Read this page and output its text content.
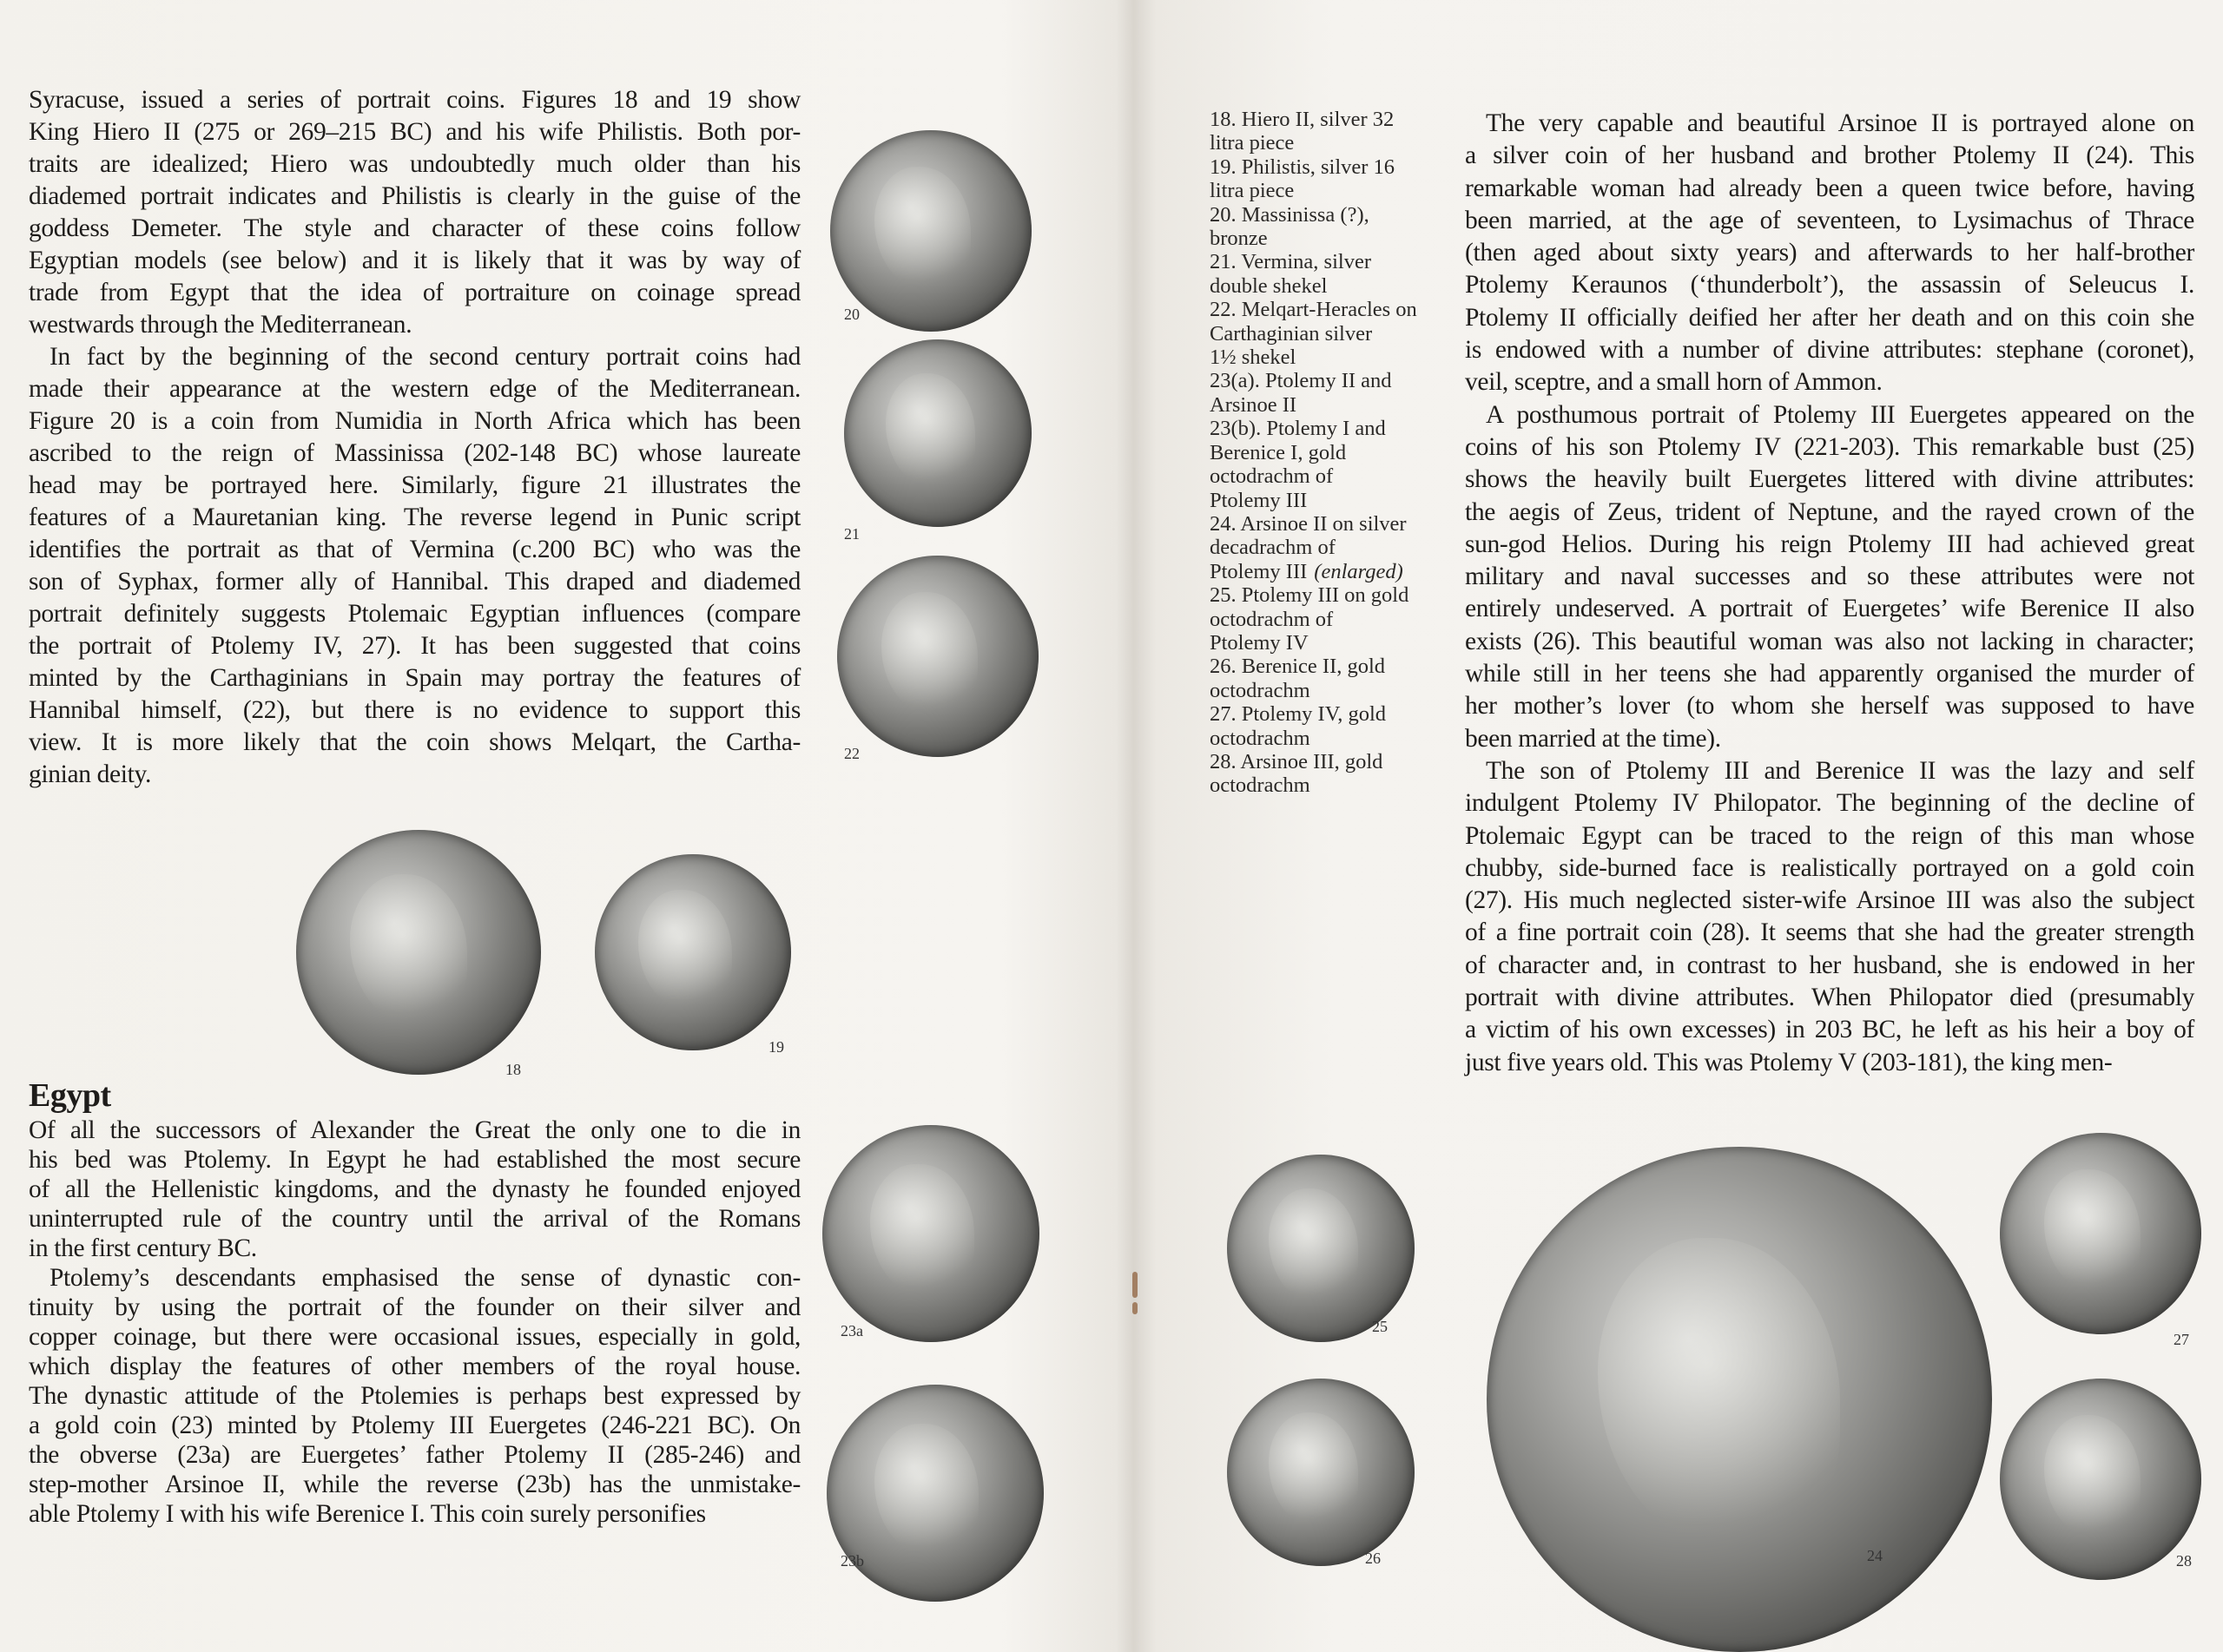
Syracuse, issued a series of portrait coins. Figures 18 and 19 show
King Hiero II (275 or 269–215 BC) and his wife Philistis. Both por-
traits are idealized; Hiero was undoubtedly much older than his
diademed portrait indicates and Philistis is clearly in the guise of the
goddess Demeter. The style and character of these coins follow
Egyptian models (see below) and it is likely that it was by way of
trade from Egypt that the idea of portraiture on coinage spread
westwards through the Mediterranean.
In fact by the beginning of the second century portrait coins had
made their appearance at the western edge of the Mediterranean.
Figure 20 is a coin from Numidia in North Africa which has been
ascribed to the reign of Massinissa (202-148 BC) whose laureate
head may be portrayed here. Similarly, figure 21 illustrates the
features of a Mauretanian king. The reverse legend in Punic script
identifies the portrait as that of Vermina (c.200 BC) who was the
son of Syphax, former ally of Hannibal. This draped and diademed
portrait definitely suggests Ptolemaic Egyptian influences (compare
the portrait of Ptolemy IV, 27). It has been suggested that coins
minted by the Carthaginians in Spain may portray the features of
Hannibal himself, (22), but there is no evidence to support this
view. It is more likely that the coin shows Melqart, the Cartha-
ginian deity.
Egypt
Of all the successors of Alexander the Great the only one to die in
his bed was Ptolemy. In Egypt he had established the most secure
of all the Hellenistic kingdoms, and the dynasty he founded enjoyed
uninterrupted rule of the country until the arrival of the Romans
in the first century BC.
Ptolemy’s descendants emphasised the sense of dynastic con-
tinuity by using the portrait of the founder on their silver and
copper coinage, but there were occasional issues, especially in gold,
which display the features of other members of the royal house.
The dynastic attitude of the Ptolemies is perhaps best expressed by
a gold coin (23) minted by Ptolemy III Euergetes (246-221 BC). On
the obverse (23a) are Euergetes’ father Ptolemy II (285-246) and
step-mother Arsinoe II, while the reverse (23b) has the unmistake-
able Ptolemy I with his wife Berenice I. This coin surely personifies
18. Hiero II, silver 32
litra piece
19. Philistis, silver 16
litra piece
20. Massinissa (?),
bronze
21. Vermina, silver
double shekel
22. Melqart-Heracles on
Carthaginian silver
1½ shekel
23(a). Ptolemy II and
Arsinoe II
23(b). Ptolemy I and
Berenice I, gold
octodrachm of
Ptolemy III
24. Arsinoe II on silver
decadrachm of
Ptolemy III (enlarged)
25. Ptolemy III on gold
octodrachm of
Ptolemy IV
26. Berenice II, gold
octodrachm
27. Ptolemy IV, gold
octodrachm
28. Arsinoe III, gold
octodrachm
The very capable and beautiful Arsinoe II is portrayed alone on
a silver coin of her husband and brother Ptolemy II (24). This
remarkable woman had already been a queen twice before, having
been married, at the age of seventeen, to Lysimachus of Thrace
(then aged about sixty years) and afterwards to her half-brother
Ptolemy Keraunos (‘thunderbolt’), the assassin of Seleucus I.
Ptolemy II officially deified her after her death and on this coin she
is endowed with a number of divine attributes: stephane (coronet),
veil, sceptre, and a small horn of Ammon.
A posthumous portrait of Ptolemy III Euergetes appeared on the
coins of his son Ptolemy IV (221-203). This remarkable bust (25)
shows the heavily built Euergetes littered with divine attributes:
the aegis of Zeus, trident of Neptune, and the rayed crown of the
sun-god Helios. During his reign Ptolemy III had achieved great
military and naval successes and so these attributes were not
entirely undeserved. A portrait of Euergetes’ wife Berenice II also
exists (26). This beautiful woman was also not lacking in character;
while still in her teens she had apparently organised the murder of
her mother’s lover (to whom she herself was supposed to have
been married at the time).
The son of Ptolemy III and Berenice II was the lazy and self
indulgent Ptolemy IV Philopator. The beginning of the decline of
Ptolemaic Egypt can be traced to the reign of this man whose
chubby, side-burned face is realistically portrayed on a gold coin
(27). His much neglected sister-wife Arsinoe III was also the subject
of a fine portrait coin (28). It seems that she had the greater strength
of character and, in contrast to her husband, she is endowed in her
portrait with divine attributes. When Philopator died (presumably
a victim of his own excesses) in 203 BC, he left as his heir a boy of
just five years old. This was Ptolemy V (203-181), the king men-
18
19
20
21
22
23a
23b
25
26	24
27
28
